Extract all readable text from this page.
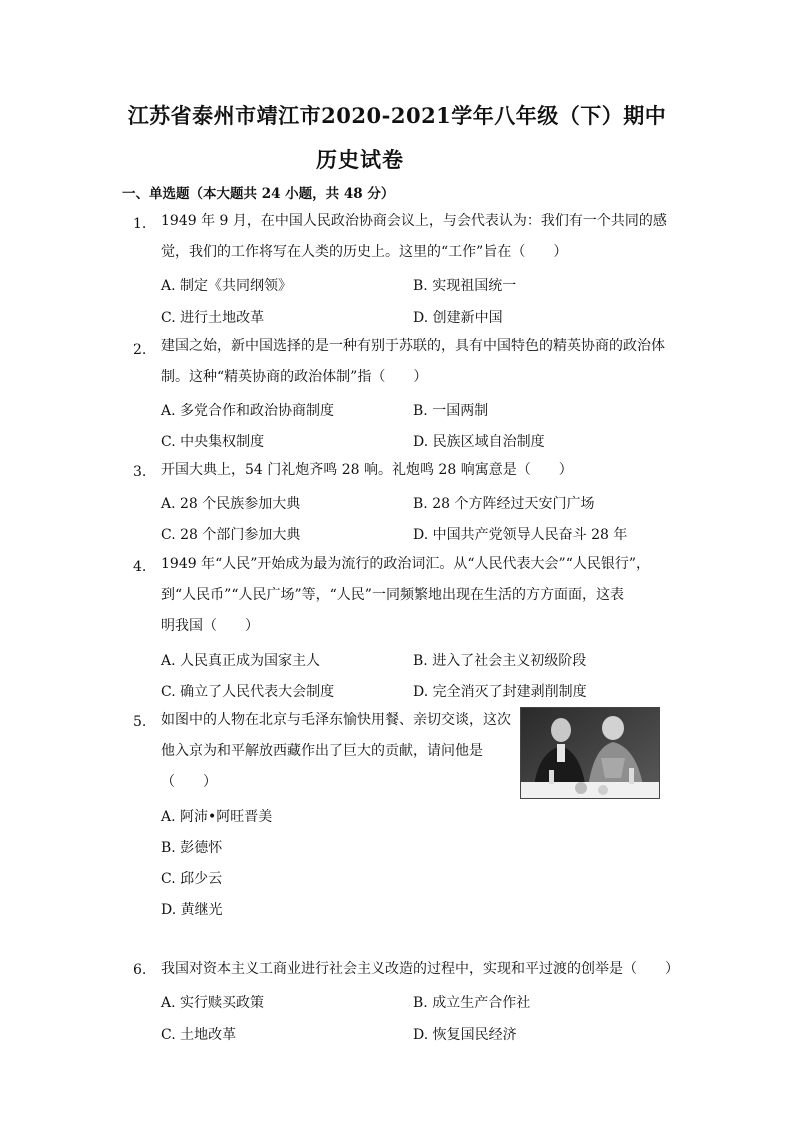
江苏省泰州市靖江市2020-2021学年八年级（下）期中
历史试卷
一、单选题（本大题共 24 小题，共 48 分）
1. 1949 年 9 月，在中国人民政治协商会议上，与会代表认为：我们有一个共同的感
觉，我们的工作将写在人类的历史上。这里的“工作”旨在（　　）
A. 制定《共同纲领》	B. 实现祖国统一
C. 进行土地改革	D. 创建新中国
2. 建国之始，新中国选择的是一种有别于苏联的，具有中国特色的精英协商的政治体
制。这种“精英协商的政治体制”指（　　）
A. 多党合作和政治协商制度	B. 一国两制
C. 中央集权制度	D. 民族区域自治制度
3. 开国大典上，54 门礼炮齐鸣 28 响。礼炮鸣 28 响寓意是（　　）
A. 28 个民族参加大典	B. 28 个方阵经过天安门广场
C. 28 个部门参加大典	D. 中国共产党领导人民奋斗 28 年
4. 1949 年“人民”开始成为最为流行的政治词汇。从“人民代表大会”“人民银行”，
到“人民币”“人民广场”等，“人民”一同频繁地出现在生活的方方面面，这表
明我国（　　）
A. 人民真正成为国家主人	B. 进入了社会主义初级阶段
C. 确立了人民代表大会制度	D. 完全消灭了封建剥削制度
5. 如图中的人物在北京与毛泽东愉快用餐、亲切交谈，这次
他入京为和平解放西藏作出了巨大的贡献，请问他是
（　　）
A. 阿沛•阿旺晋美
B. 彭德怀
C. 邱少云
D. 黄继光
6. 我国对资本主义工商业进行社会主义改造的过程中，实现和平过渡的创举是（　　）
A. 实行赎买政策	B. 成立生产合作社
C. 土地改革	D. 恢复国民经济
